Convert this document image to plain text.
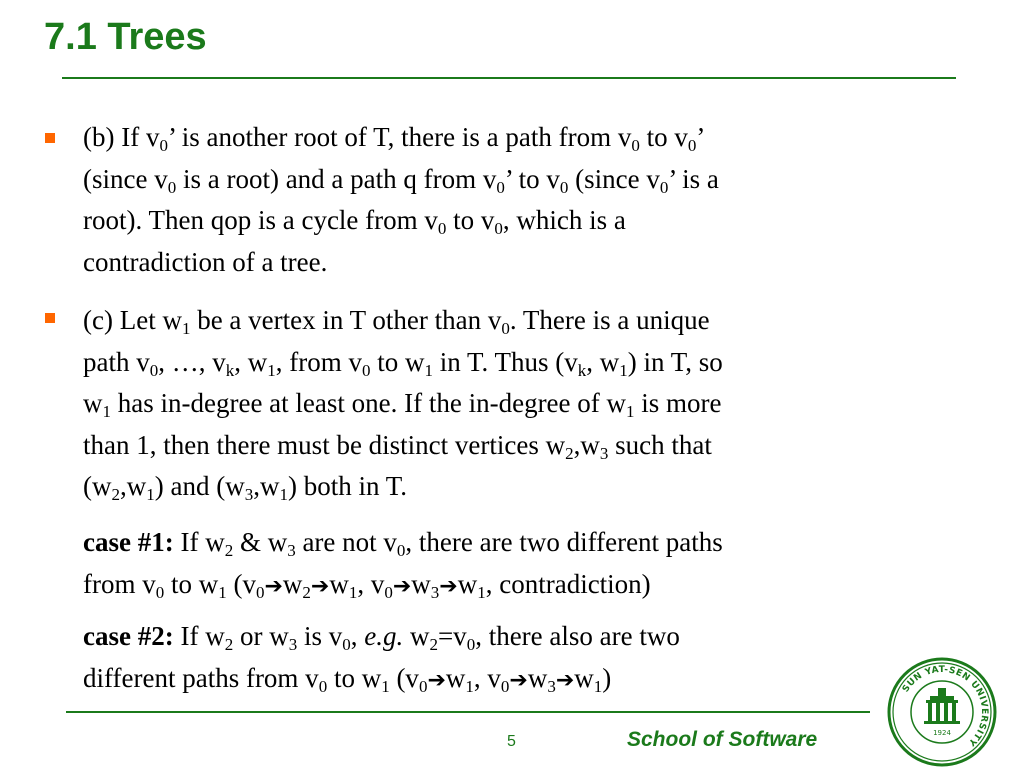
7.1 Trees
(b) If $v_0$’ is another root of T, there is a path from $v_0$ to $v_0$’
(since $v_0$ is a root) and a path q from $v_0$’ to $v_0$ (since $v_0$’ is a
root). Then qop is a cycle from $v_0$ to $v_0$, which is a
contradiction of a tree.
(c) Let $w_1$ be a vertex in T other than $v_0$. There is a unique
path $v_0$, …, $v_k$, $w_1$, from $v_0$ to $w_1$ in T. Thus ($v_k$, $w_1$) in T, so
$w_1$ has in-degree at least one. If the in-degree of $w_1$ is more
than 1, then there must be distinct vertices $w_2,w_3$ such that
$(w_2,w_1)$ and $(w_3,w_1)$ both in T.
case #1: If $w_2$ & $w_3$ are not $v_0$, there are two different paths
from $v_0$ to $w_1$ ($v_0➔w_2➔w_1$, $v_0➔w_3➔w_1$, contradiction)
case #2: If $w_2$ or $w_3$ is $v_0$, e.g. $w_2=v_0$, there also are two
different paths from $v_0$ to $w_1$ ($v_0➔w_1$, $v_0➔w_3➔w_1$)
5	School of Software
SUN YAT-SEN UNIVERSITY
1924
